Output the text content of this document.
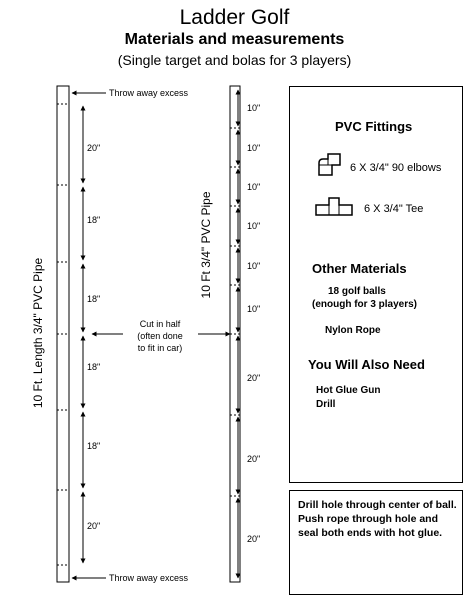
Ladder Golf
Materials and measurements
(Single target and bolas for 3 players)
20"
18"
18"
18"
18"
20"
Throw away excess
Throw away excess
Cut in half
(often done
to fit in car)
10 Ft. Length 3/4" PVC Pipe
10"
10"
10"
10"
10"
10"
20"
20"
20"
10 Ft 3/4" PVC Pipe
PVC Fittings
6 X 3/4" 90 elbows
6 X 3/4" Tee
Other Materials
18 golf balls
(enough for 3 players)
Nylon Rope
You Will Also Need
Hot Glue Gun
Drill
Drill hole through center of ball. Push rope through hole and seal both ends with hot glue.
